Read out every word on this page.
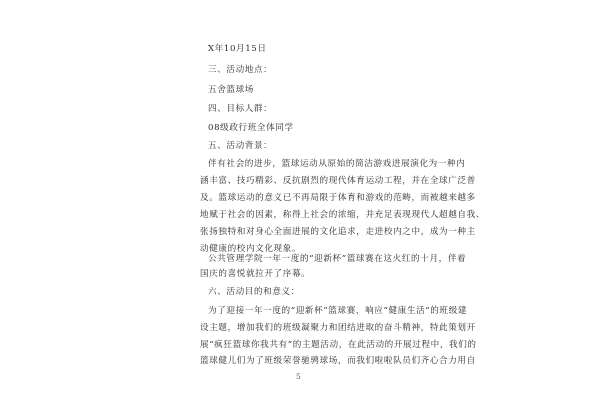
X年10月15日
三、活动地点：
五舍篮球场
四、目标人群：
08级政行班全体同学
五、活动背景：
伴有社会的进步，篮球运动从原始的简洁游戏进展演化为一种内
涵丰富、技巧精彩、反抗剧烈的现代体育运动工程，并在全球广泛普
及。篮球运动的意义已不再局限于体育和游戏的范畴，而被越来越多
地赋于社会的因素，称得上社会的浓缩，并充足表现现代人超越自我、
张扬独特和对身心全面进展的文化追求，走进校内之中，成为一种主
动健康的校内文化现象。
公共管理学院一年一度的“迎新杯”篮球赛在这火红的十月，伴着
国庆的喜悦就拉开了序幕。
六、活动目的和意义：
为了迎接一年一度的“迎新杯”篮球赛，响应“健康生活”的班级建
设主题，增加我们的班级凝聚力和团结进取的奋斗精神，特此策划开
展“疯狂篮球你我共有”的主题活动，在此活动的开展过程中，我们的
篮球健儿们为了班级荣誉驰骋球场，而我们啦啦队员们齐心合力用自
5
